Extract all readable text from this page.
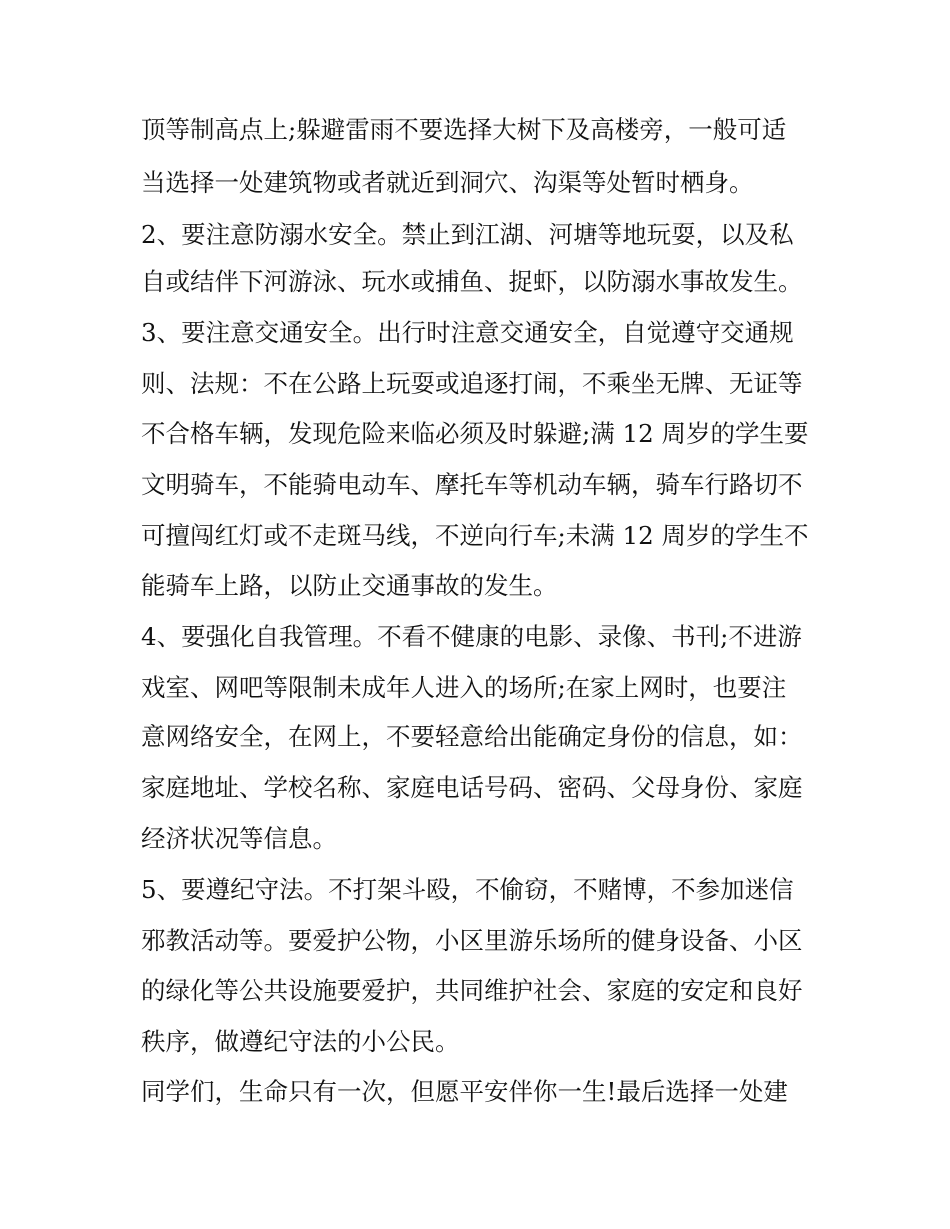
顶等制高点上;躲避雷雨不要选择大树下及高楼旁，一般可适
当选择一处建筑物或者就近到洞穴、沟渠等处暂时栖身。
2、要注意防溺水安全。禁止到江湖、河塘等地玩耍，以及私
自或结伴下河游泳、玩水或捕鱼、捉虾，以防溺水事故发生。
3、要注意交通安全。出行时注意交通安全，自觉遵守交通规
则、法规：不在公路上玩耍或追逐打闹，不乘坐无牌、无证等
不合格车辆，发现危险来临必须及时躲避;满 12 周岁的学生要
文明骑车，不能骑电动车、摩托车等机动车辆，骑车行路切不
可擅闯红灯或不走斑马线，不逆向行车;未满 12 周岁的学生不
能骑车上路，以防止交通事故的发生。
4、要强化自我管理。不看不健康的电影、录像、书刊;不进游
戏室、网吧等限制未成年人进入的场所;在家上网时，也要注
意网络安全，在网上，不要轻意给出能确定身份的信息，如：
家庭地址、学校名称、家庭电话号码、密码、父母身份、家庭
经济状况等信息。
5、要遵纪守法。不打架斗殴，不偷窃，不赌博，不参加迷信
邪教活动等。要爱护公物，小区里游乐场所的健身设备、小区
的绿化等公共设施要爱护，共同维护社会、家庭的安定和良好
秩序，做遵纪守法的小公民。
同学们，生命只有一次，但愿平安伴你一生!最后选择一处建
